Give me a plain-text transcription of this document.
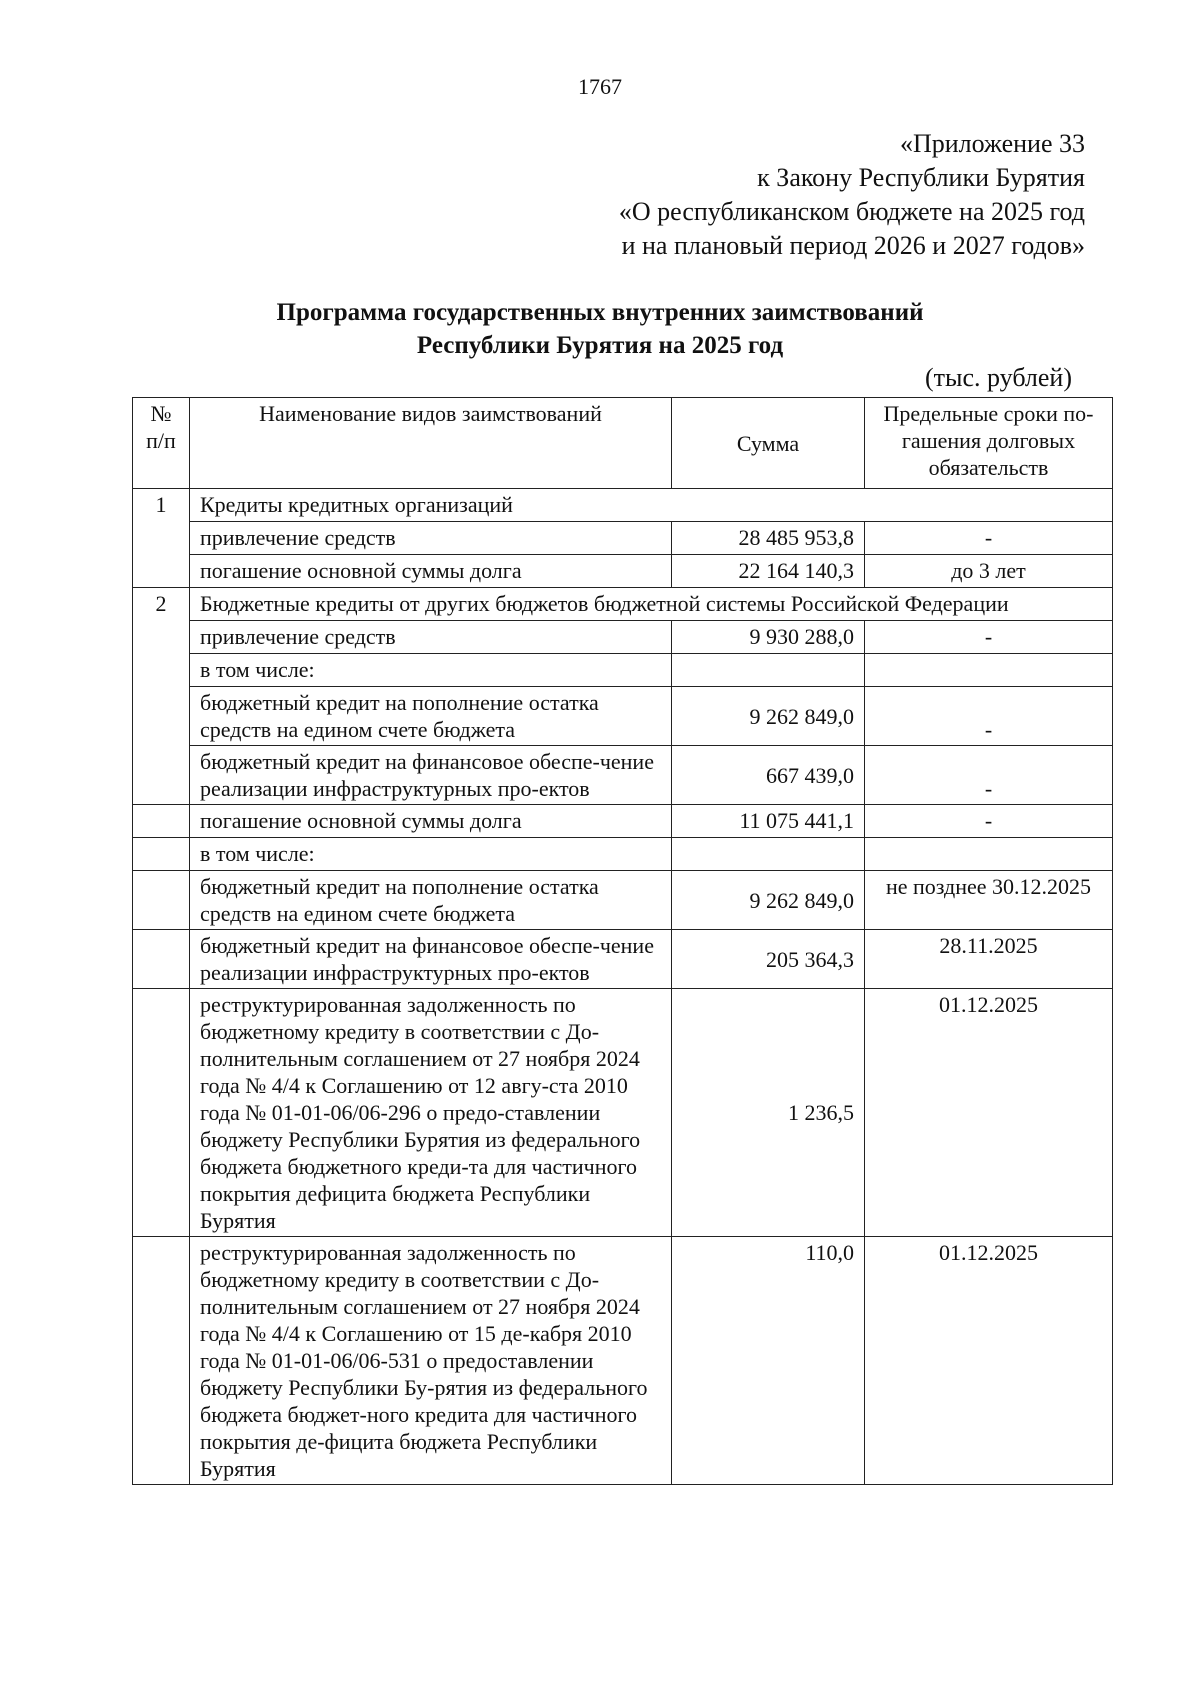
1767
«Приложение 33
к Закону Республики Бурятия
«О республиканском бюджете на 2025 год
и на плановый период 2026 и 2027 годов»
Программа государственных внутренних заимствований
Республики Бурятия на 2025 год
(тыс. рублей)
№ п/п	Наименование видов заимствований	Сумма	Предельные сроки по-гашения долговых обязательств
1	Кредиты кредитных организаций		
	привлечение средств	28 485 953,8	-
	погашение основной суммы долга	22 164 140,3	до 3 лет
2	Бюджетные кредиты от других бюджетов бюджетной системы Российской Федерации		
	привлечение средств	9 930 288,0	-
	в том числе:		
	бюджетный кредит на пополнение остатка средств на едином счете бюджета	9 262 849,0	-
	бюджетный кредит на финансовое обеспе-чение реализации инфраструктурных про-ектов	667 439,0	-
	погашение основной суммы долга	11 075 441,1	-
	в том числе:		
	бюджетный кредит на пополнение остатка средств на едином счете бюджета	9 262 849,0	не позднее 30.12.2025
	бюджетный кредит на финансовое обеспе-чение реализации инфраструктурных про-ектов	205 364,3	28.11.2025
	реструктурированная задолженность по бюджетному кредиту в соответствии с До-полнительным соглашением от 27 ноября 2024 года № 4/4 к Соглашению от 12 авгу-ста 2010 года № 01-01-06/06-296 о предо-ставлении бюджету Республики Бурятия из федерального бюджета бюджетного креди-та для частичного покрытия дефицита бюджета Республики Бурятия	1 236,5	01.12.2025
	реструктурированная задолженность по бюджетному кредиту в соответствии с До-полнительным соглашением от 27 ноября 2024 года № 4/4 к Соглашению от 15 де-кабря 2010 года № 01-01-06/06-531 о предоставлении бюджету Республики Бу-рятия из федерального бюджета бюджет-ного кредита для частичного покрытия де-фицита бюджета Республики Бурятия	110,0	01.12.2025
